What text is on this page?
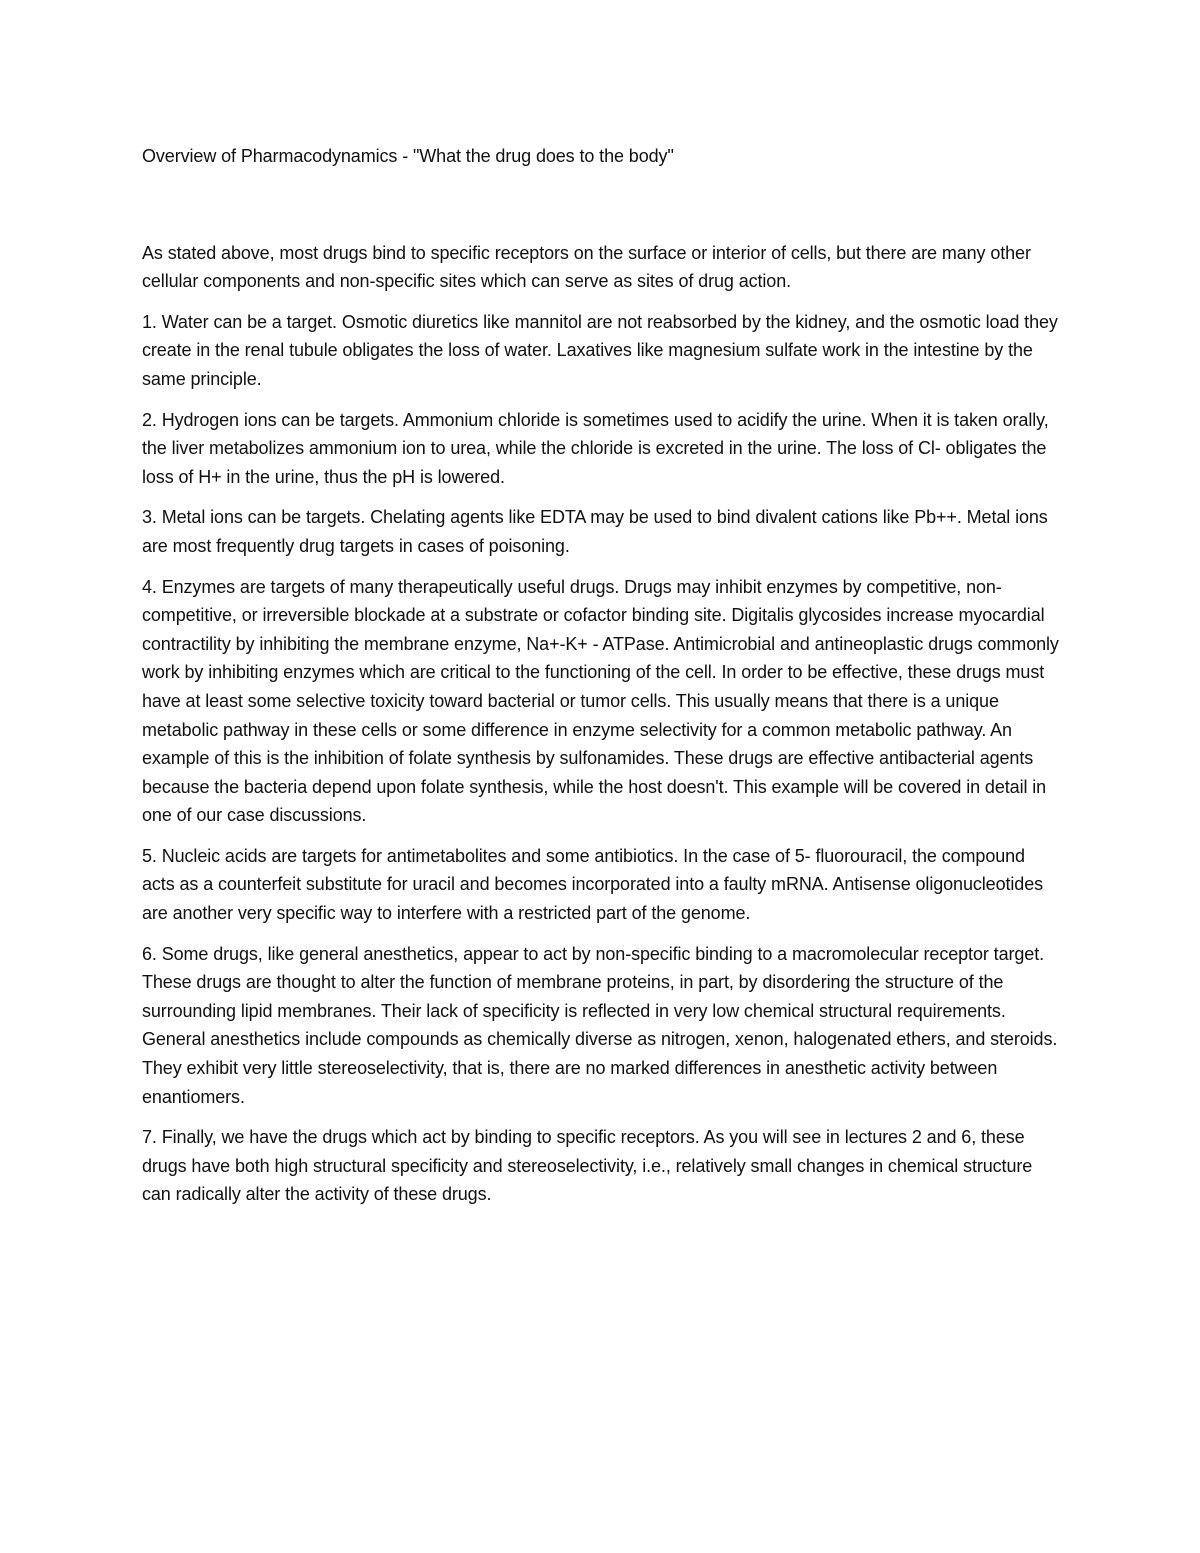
Overview of Pharmacodynamics - "What the drug does to the body"

As stated above, most drugs bind to specific receptors on the surface or interior of cells, but there are many other cellular components and non-specific sites which can serve as sites of drug action.

1. Water can be a target. Osmotic diuretics like mannitol are not reabsorbed by the kidney, and the osmotic load they create in the renal tubule obligates the loss of water. Laxatives like magnesium sulfate work in the intestine by the same principle.

2. Hydrogen ions can be targets. Ammonium chloride is sometimes used to acidify the urine. When it is taken orally, the liver metabolizes ammonium ion to urea, while the chloride is excreted in the urine. The loss of Cl- obligates the loss of H+ in the urine, thus the pH is lowered.

3. Metal ions can be targets. Chelating agents like EDTA may be used to bind divalent cations like Pb++. Metal ions are most frequently drug targets in cases of poisoning.

4. Enzymes are targets of many therapeutically useful drugs. Drugs may inhibit enzymes by competitive, non-competitive, or irreversible blockade at a substrate or cofactor binding site. Digitalis glycosides increase myocardial contractility by inhibiting the membrane enzyme, Na+-K+ - ATPase. Antimicrobial and antineoplastic drugs commonly work by inhibiting enzymes which are critical to the functioning of the cell. In order to be effective, these drugs must have at least some selective toxicity toward bacterial or tumor cells. This usually means that there is a unique metabolic pathway in these cells or some difference in enzyme selectivity for a common metabolic pathway. An example of this is the inhibition of folate synthesis by sulfonamides. These drugs are effective antibacterial agents because the bacteria depend upon folate synthesis, while the host doesn't. This example will be covered in detail in one of our case discussions.

5. Nucleic acids are targets for antimetabolites and some antibiotics. In the case of 5- fluorouracil, the compound acts as a counterfeit substitute for uracil and becomes incorporated into a faulty mRNA. Antisense oligonucleotides are another very specific way to interfere with a restricted part of the genome.

6. Some drugs, like general anesthetics, appear to act by non-specific binding to a macromolecular receptor target. These drugs are thought to alter the function of membrane proteins, in part, by disordering the structure of the surrounding lipid membranes. Their lack of specificity is reflected in very low chemical structural requirements. General anesthetics include compounds as chemically diverse as nitrogen, xenon, halogenated ethers, and steroids. They exhibit very little stereoselectivity, that is, there are no marked differences in anesthetic activity between enantiomers.

7. Finally, we have the drugs which act by binding to specific receptors. As you will see in lectures 2 and 6, these drugs have both high structural specificity and stereoselectivity, i.e., relatively small changes in chemical structure can radically alter the activity of these drugs.
